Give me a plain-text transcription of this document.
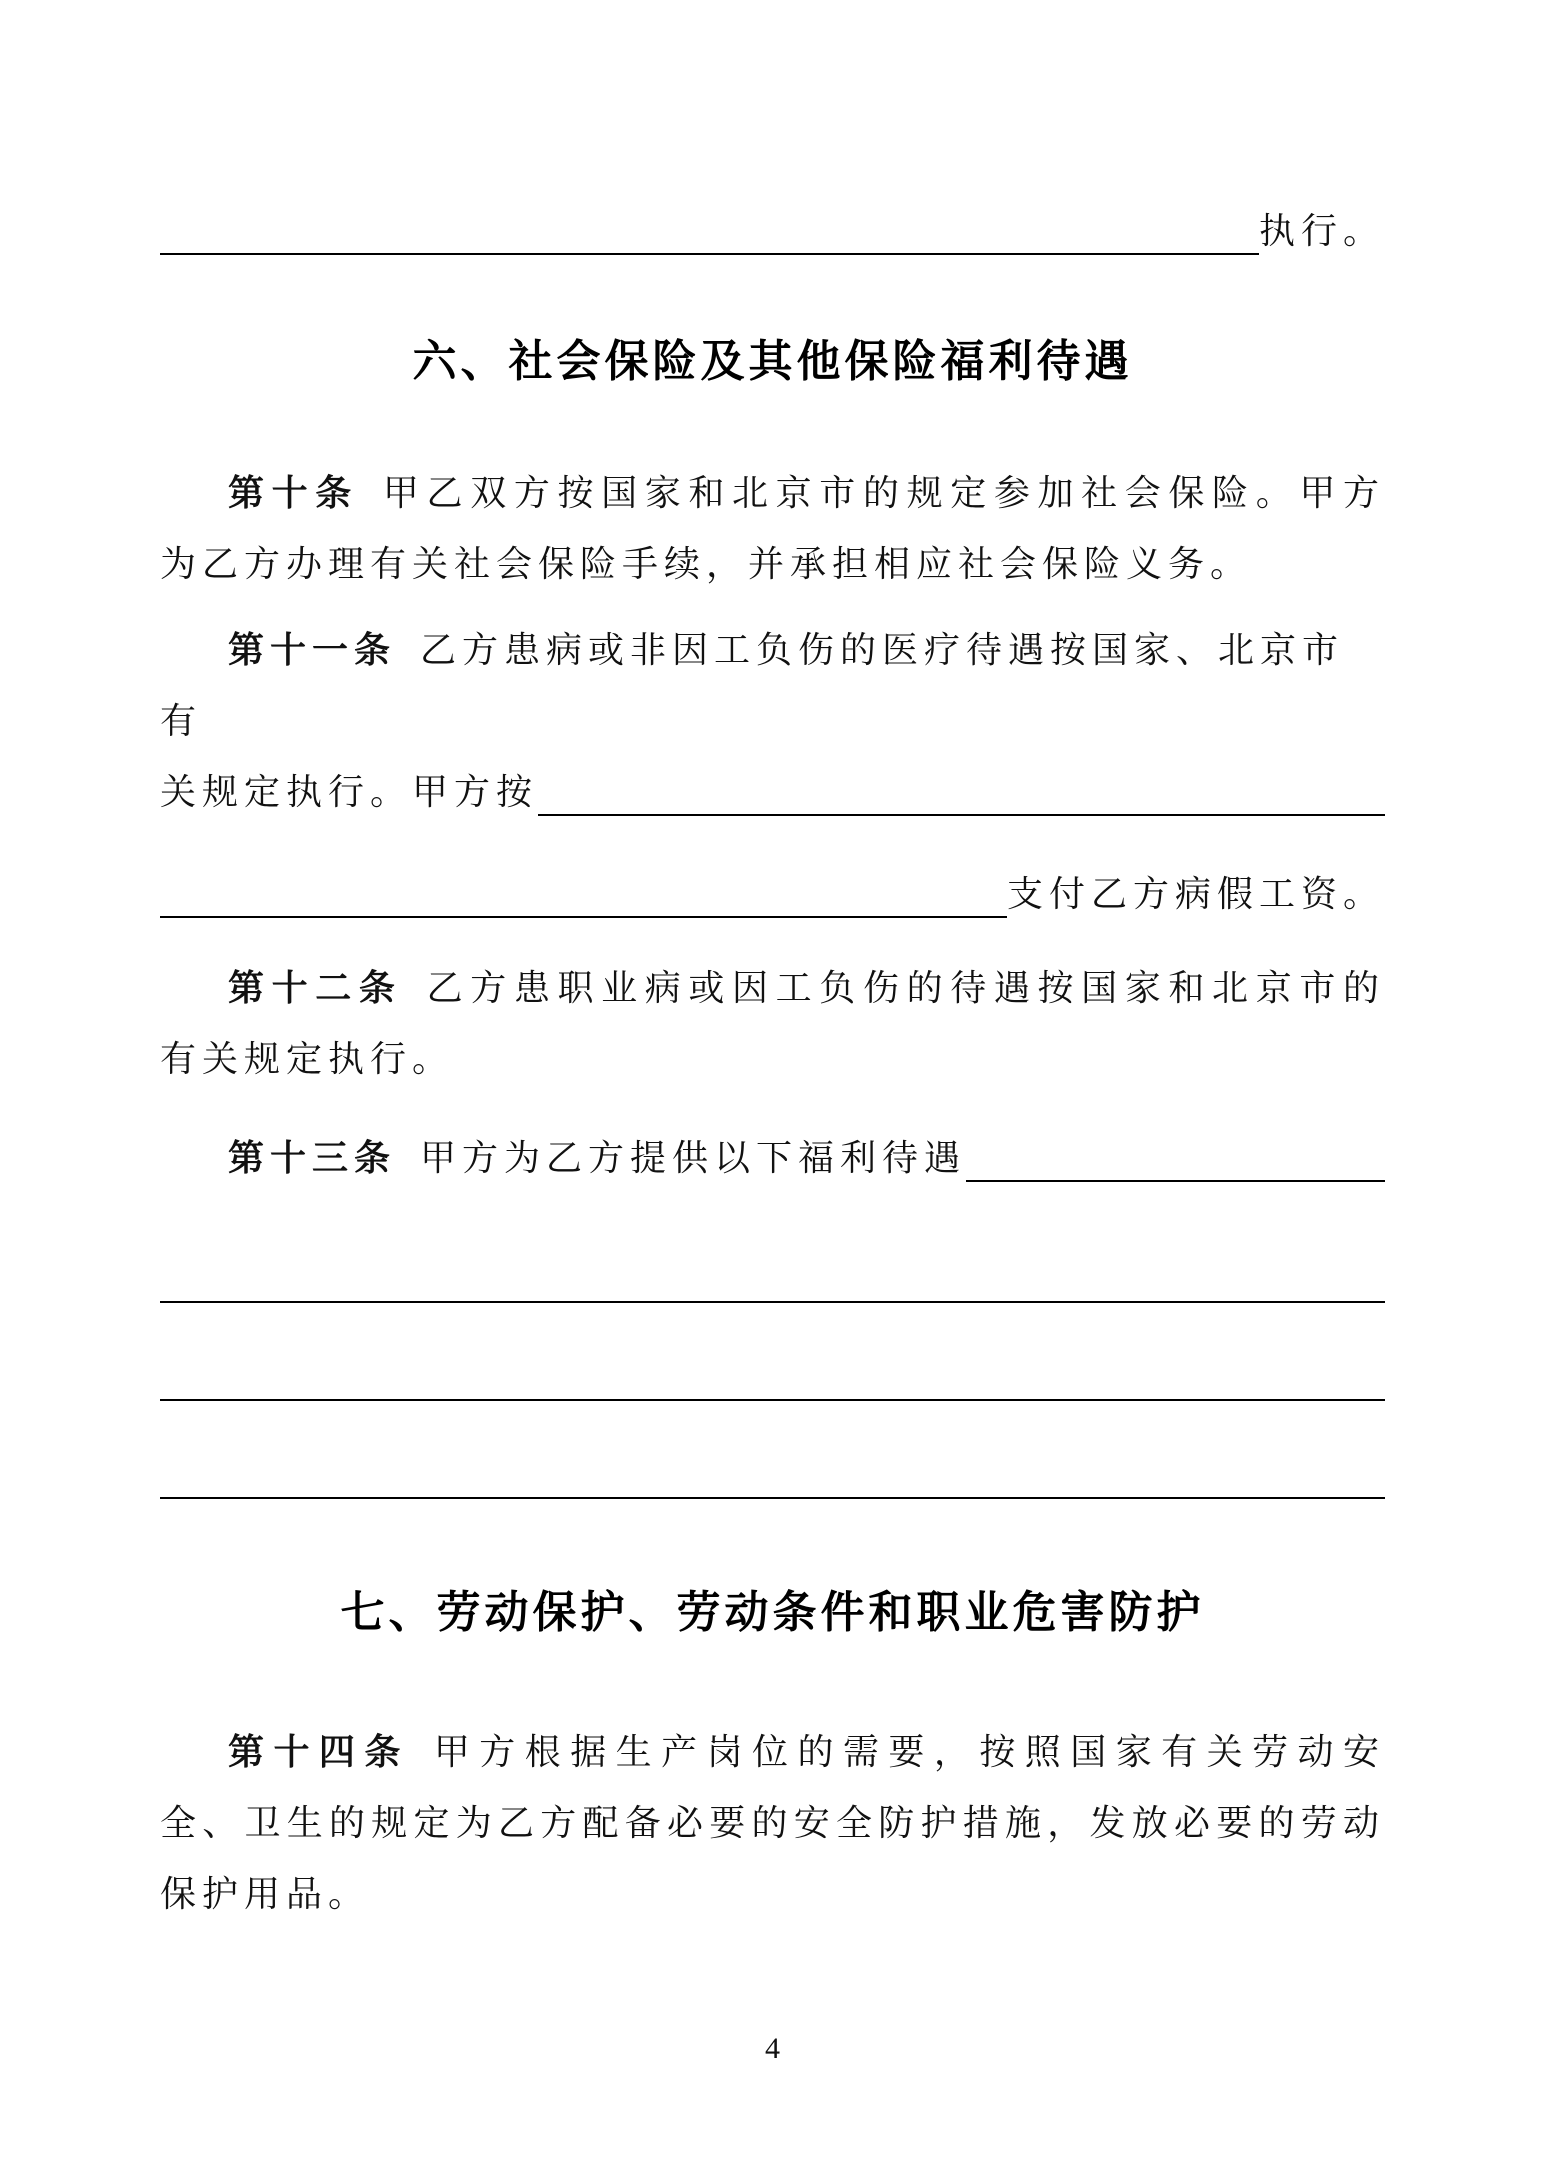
执行。
六、社会保险及其他保险福利待遇

第十条 甲乙双方按国家和北京市的规定参加社会保险。甲方为乙方办理有关社会保险手续，并承担相应社会保险义务。

第十一条 乙方患病或非因工负伤的医疗待遇按国家、北京市有
关规定执行。甲方按
支付乙方病假工资。

第十二条 乙方患职业病或因工负伤的待遇按国家和北京市的有关规定执行。

第十三条 甲方为乙方提供以下福利待遇
七、劳动保护、劳动条件和职业危害防护

第十四条 甲方根据生产岗位的需要，按照国家有关劳动安全、卫生的规定为乙方配备必要的安全防护措施，发放必要的劳动保护用品。

4
